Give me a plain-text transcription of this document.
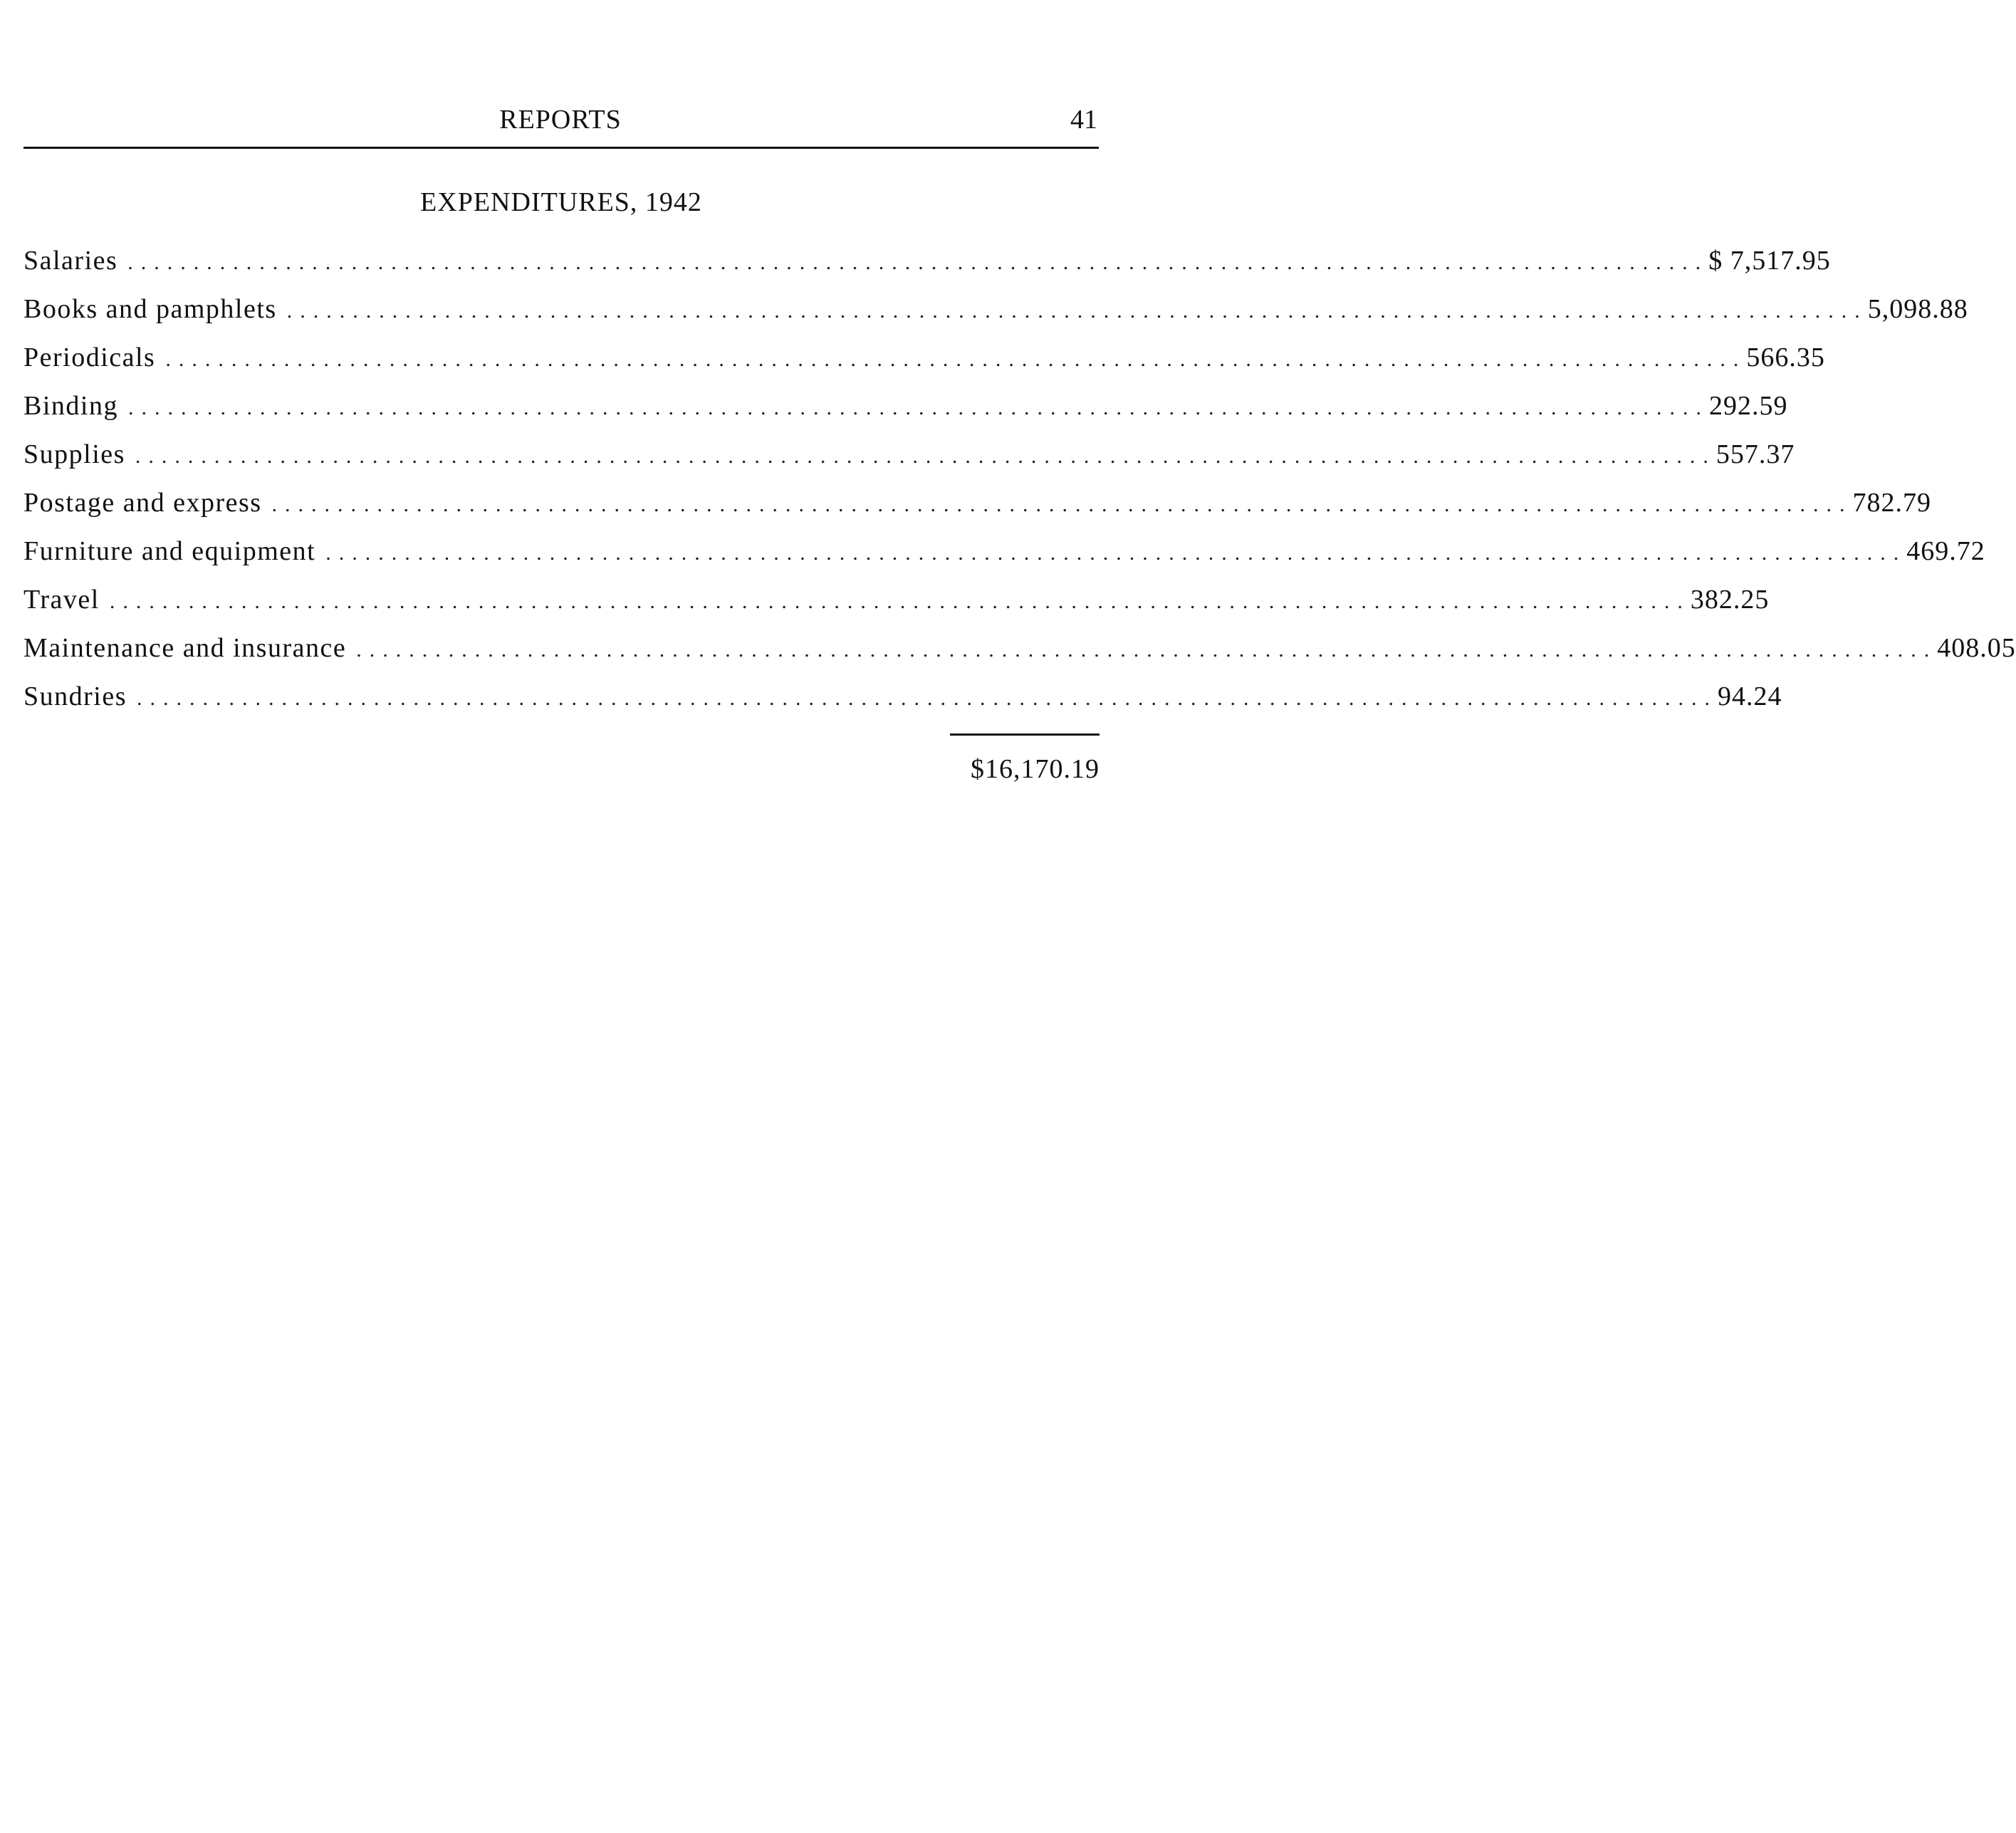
REPORTS	41
EXPENDITURES, 1942
Salaries ........................................................................................................................ $ 7,517.95
Books and pamphlets ........................................................................................................................ 5,098.88
Periodicals ........................................................................................................................ 566.35
Binding ........................................................................................................................ 292.59
Supplies ........................................................................................................................ 557.37
Postage and express ........................................................................................................................ 782.79
Furniture and equipment ........................................................................................................................ 469.72
Travel ........................................................................................................................ 382.25
Maintenance and insurance ........................................................................................................................ 408.05
Sundries ........................................................................................................................ 94.24
$16,170.19
